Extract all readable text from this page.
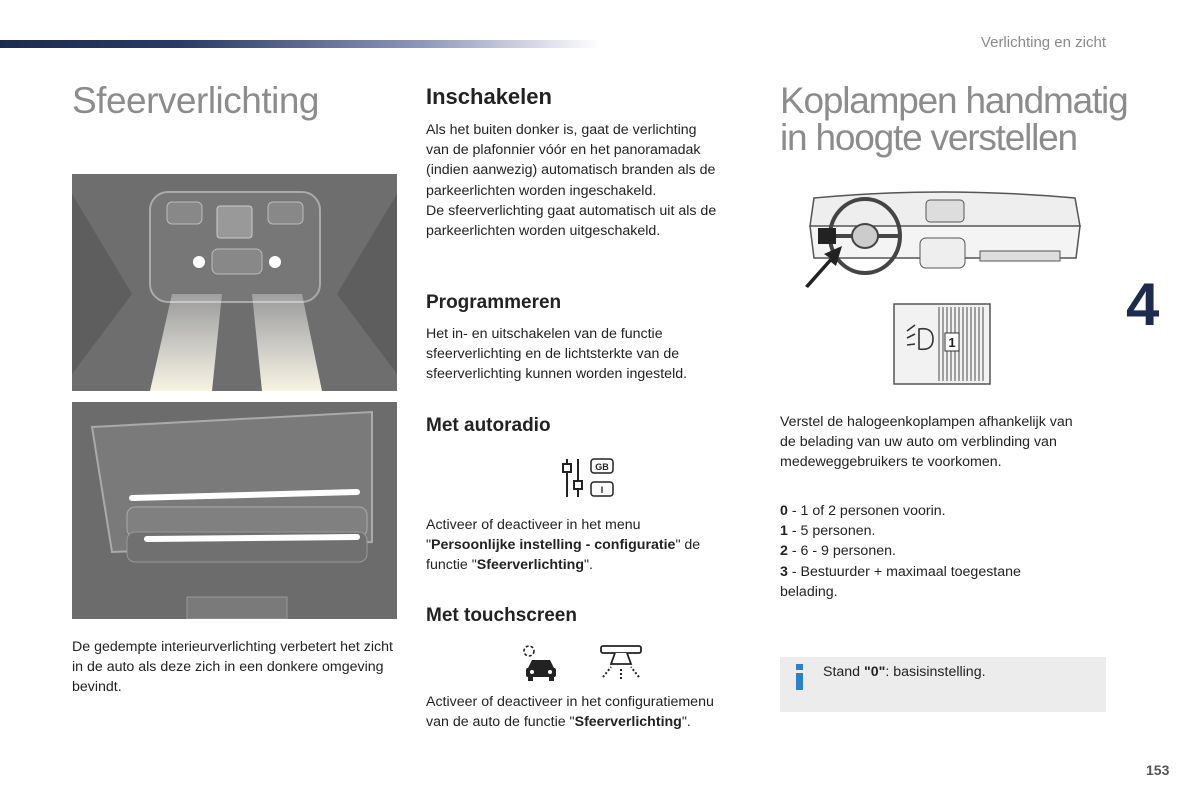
Verlichting en zicht
Sfeerverlichting
De gedempte interieurverlichting verbetert het zicht in de auto als deze zich in een donkere omgeving bevindt.
Inschakelen
Als het buiten donker is, gaat de verlichting
van de plafonnier vóór en het panoramadak
(indien aanwezig) automatisch branden als de
parkeerlichten worden ingeschakeld.
De sfeerverlichting gaat automatisch uit als de
parkeerlichten worden uitgeschakeld.
Programmeren
Het in- en uitschakelen van de functie
sfeerverlichting en de lichtsterkte van de
sfeerverlichting kunnen worden ingesteld.
Met autoradio
GB
I
Activeer of deactiveer in het menu
"Persoonlijke instelling - configuratie" de
functie "Sfeerverlichting".
Met touchscreen
Activeer of deactiveer in het configuratiemenu
van de auto de functie "Sfeerverlichting".
Koplampen handmatig
in hoogte verstellen
1
Verstel de halogeenkoplampen afhankelijk van
de belading van uw auto om verblinding van
medeweggebruikers te voorkomen.
0 - 1 of 2 personen voorin.
1 - 5 personen.
2 - 6 - 9 personen.
3 - Bestuurder + maximaal toegestane
belading.
Stand "0": basisinstelling.
4
153
